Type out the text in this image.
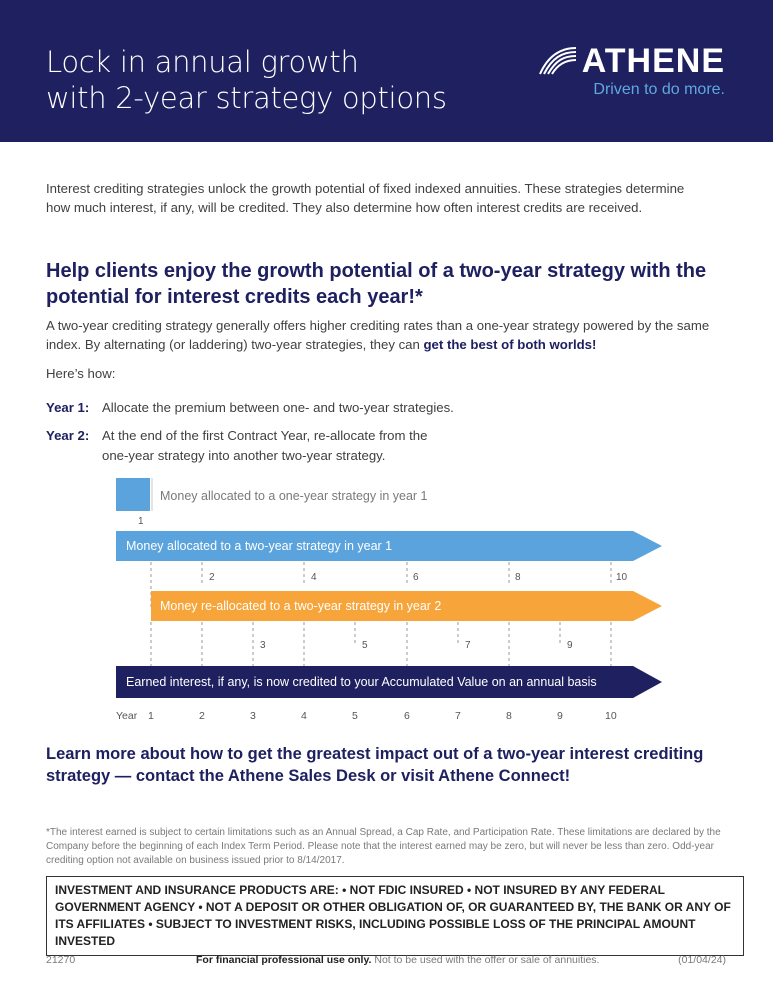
Lock in annual growth
with 2-year strategy options
ATHENE
Driven to do more.
Interest crediting strategies unlock the growth potential of fixed indexed annuities. These strategies determine how much interest, if any, will be credited. They also determine how often interest credits are received.
Help clients enjoy the growth potential of a two-year strategy with the potential for interest credits each year!*
A two-year crediting strategy generally offers higher crediting rates than a one-year strategy powered by the same index. By alternating (or laddering) two-year strategies, they can get the best of both worlds!
Here’s how:
Year 1: Allocate the premium between one- and two-year strategies.
Year 2: At the end of the first Contract Year, re-allocate from the one-year strategy into another two-year strategy.
Money allocated to a one-year strategy in year 1
1
Money allocated to a two-year strategy in year 1
2	4	6	8	10
Money re-allocated to a two-year strategy in year 2
3	5	7	9
Earned interest, if any, is now credited to your Accumulated Value on an annual basis
Year 1	2	3	4	5	6	7	8	9	10
Learn more about how to get the greatest impact out of a two-year interest crediting strategy — contact the Athene Sales Desk or visit Athene Connect!
*The interest earned is subject to certain limitations such as an Annual Spread, a Cap Rate, and Participation Rate. These limitations are declared by the Company before the beginning of each Index Term Period. Please note that the interest earned may be zero, but will never be less than zero. Odd-year crediting option not available on business issued prior to 8/14/2017.
INVESTMENT AND INSURANCE PRODUCTS ARE: • NOT FDIC INSURED • NOT INSURED BY ANY FEDERAL GOVERNMENT AGENCY • NOT A DEPOSIT OR OTHER OBLIGATION OF, OR GUARANTEED BY, THE BANK OR ANY OF ITS AFFILIATES • SUBJECT TO INVESTMENT RISKS, INCLUDING POSSIBLE LOSS OF THE PRINCIPAL AMOUNT INVESTED
21270	For financial professional use only. Not to be used with the offer or sale of annuities.	(01/04/24)
